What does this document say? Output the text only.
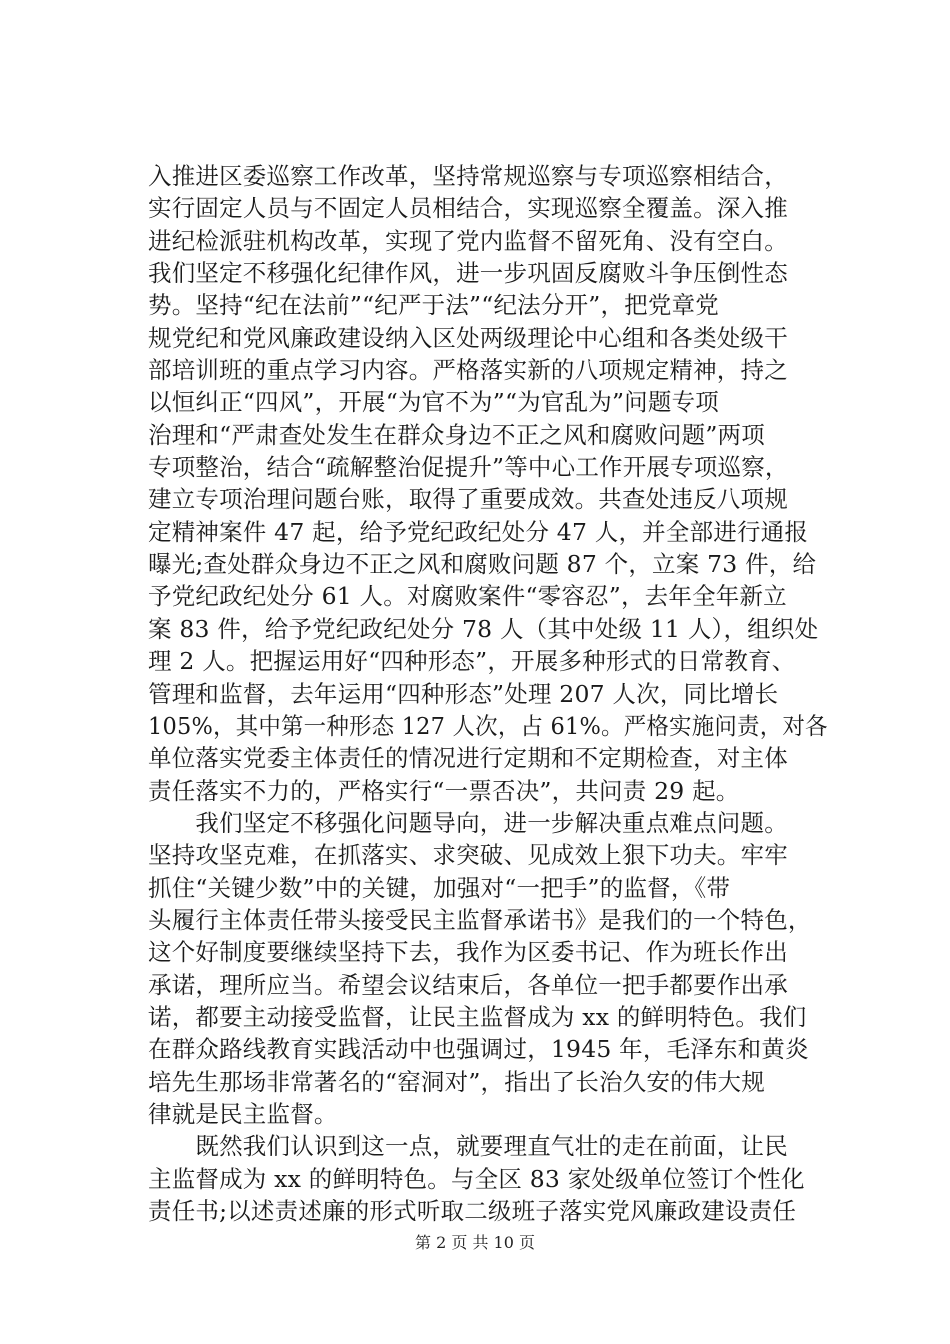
入推进区委巡察工作改革，坚持常规巡察与专项巡察相结合，
实行固定人员与不固定人员相结合，实现巡察全覆盖。深入推
进纪检派驻机构改革，实现了党内监督不留死角、没有空白。
我们坚定不移强化纪律作风，进一步巩固反腐败斗争压倒性态
势。坚持“纪在法前”“纪严于法”“纪法分开”，把党章党
规党纪和党风廉政建设纳入区处两级理论中心组和各类处级干
部培训班的重点学习内容。严格落实新的八项规定精神，持之
以恒纠正“四风”，开展“为官不为”“为官乱为”问题专项
治理和“严肃查处发生在群众身边不正之风和腐败问题”两项
专项整治，结合“疏解整治促提升”等中心工作开展专项巡察，
建立专项治理问题台账，取得了重要成效。共查处违反八项规
定精神案件 47 起，给予党纪政纪处分 47 人，并全部进行通报
曝光;查处群众身边不正之风和腐败问题 87 个，立案 73 件，给
予党纪政纪处分 61 人。对腐败案件“零容忍”，去年全年新立
案 83 件，给予党纪政纪处分 78 人（其中处级 11 人），组织处
理 2 人。把握运用好“四种形态”，开展多种形式的日常教育、
管理和监督，去年运用“四种形态”处理 207 人次，同比增长
105%，其中第一种形态 127 人次，占 61%。严格实施问责，对各
单位落实党委主体责任的情况进行定期和不定期检查，对主体
责任落实不力的，严格实行“一票否决”，共问责 29 起。
　　我们坚定不移强化问题导向，进一步解决重点难点问题。
坚持攻坚克难，在抓落实、求突破、见成效上狠下功夫。牢牢
抓住“关键少数”中的关键，加强对“一把手”的监督，《带
头履行主体责任带头接受民主监督承诺书》是我们的一个特色，
这个好制度要继续坚持下去，我作为区委书记、作为班长作出
承诺，理所应当。希望会议结束后，各单位一把手都要作出承
诺，都要主动接受监督，让民主监督成为 xx 的鲜明特色。我们
在群众路线教育实践活动中也强调过，1945 年，毛泽东和黄炎
培先生那场非常著名的“窑洞对”，指出了长治久安的伟大规
律就是民主监督。
　　既然我们认识到这一点，就要理直气壮的走在前面，让民
主监督成为 xx 的鲜明特色。与全区 83 家处级单位签订个性化
责任书;以述责述廉的形式听取二级班子落实党风廉政建设责任
第 2 页 共 10 页
